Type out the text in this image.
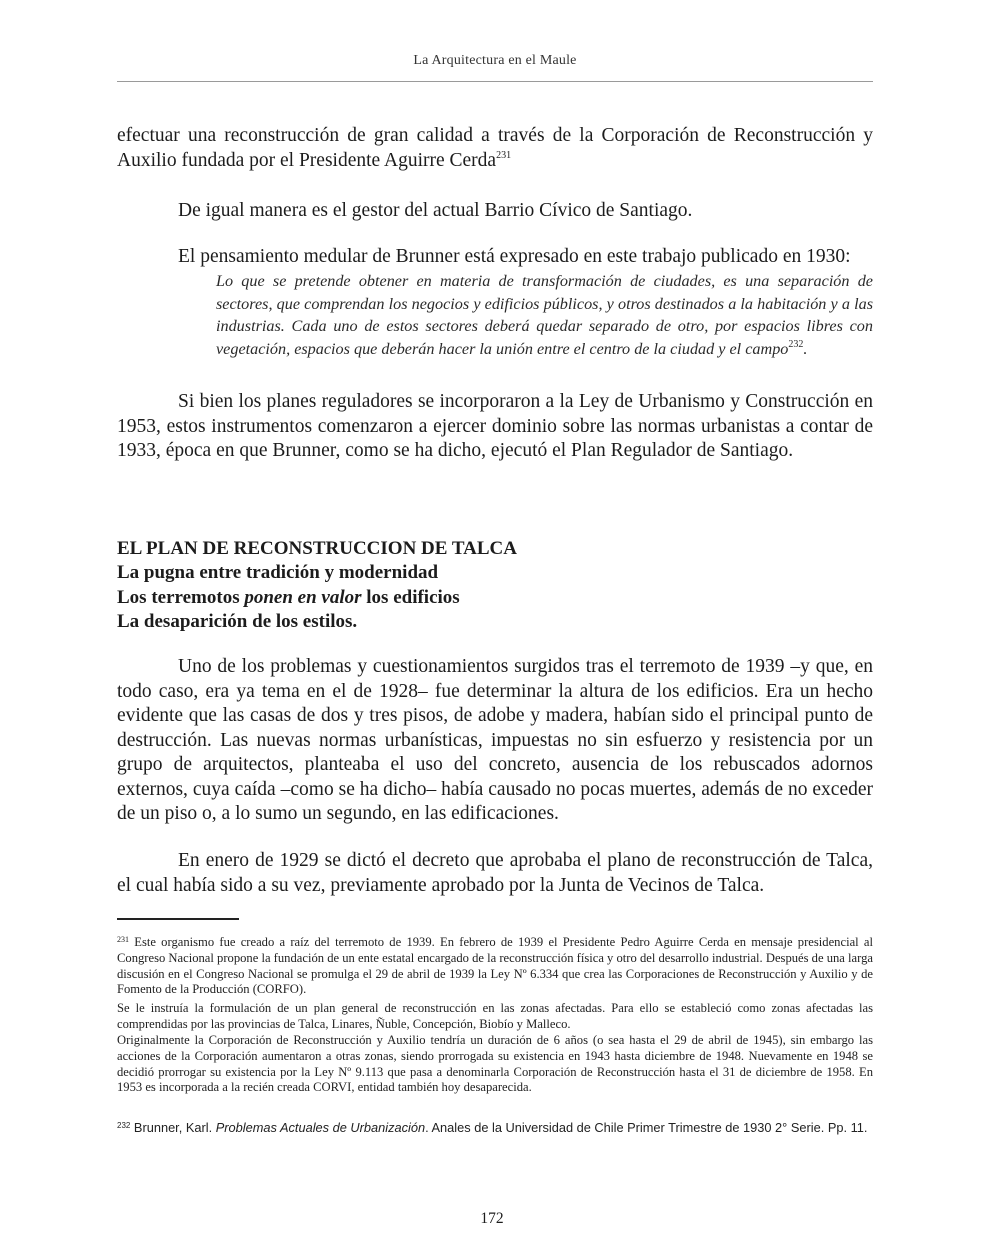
La Arquitectura en el Maule

efectuar una reconstrucción de gran calidad a través de la Corporación de Reconstrucción y Auxilio fundada por el Presidente Aguirre Cerda$^{231}$

De igual manera es el gestor del actual Barrio Cívico de Santiago.

El pensamiento medular de Brunner está expresado en este trabajo publicado en 1930:

Lo que se pretende obtener en materia de transformación de ciudades, es una separación de sectores, que comprendan los negocios y edificios públicos, y otros destinados a la habitación y a las industrias. Cada uno de estos sectores deberá quedar separado de otro, por espacios libres con vegetación, espacios que deberán hacer la unión entre el centro de la ciudad y el campo$^{232}$.

Si bien los planes reguladores se incorporaron a la Ley de Urbanismo y Construcción en 1953, estos instrumentos comenzaron a ejercer dominio sobre las normas urbanistas a contar de 1933, época en que Brunner, como se ha dicho, ejecutó el Plan Regulador de Santiago.

EL PLAN DE RECONSTRUCCION DE TALCA
La pugna entre tradición y modernidad
Los terremotos ponen en valor los edificios
La desaparición de los estilos.

Uno de los problemas y cuestionamientos surgidos tras el terremoto de 1939 –y que, en todo caso, era ya tema en el de 1928– fue determinar la altura de los edificios. Era un hecho evidente que las casas de dos y tres pisos, de adobe y madera, habían sido el principal punto de destrucción. Las nuevas normas urbanísticas, impuestas no sin esfuerzo y resistencia por un grupo de arquitectos, planteaba el uso del concreto, ausencia de los rebuscados adornos externos, cuya caída –como se ha dicho– había causado no pocas muertes, además de no exceder de un piso o, a lo sumo un segundo, en las edificaciones.

En enero de 1929 se dictó el decreto que aprobaba el plano de reconstrucción de Talca, el cual había sido a su vez, previamente aprobado por la Junta de Vecinos de Talca.

$^{231}$ Este organismo fue creado a raíz del terremoto de 1939. En febrero de 1939 el Presidente Pedro Aguirre Cerda en mensaje presidencial al Congreso Nacional propone la fundación de un ente estatal encargado de la reconstrucción física y otro del desarrollo industrial. Después de una larga discusión en el Congreso Nacional se promulga el 29 de abril de 1939 la Ley Nº 6.334 que crea las Corporaciones de Reconstrucción y Auxilio y de Fomento de la Producción (CORFO).

Se le instruía la formulación de un plan general de reconstrucción en las zonas afectadas. Para ello se estableció como zonas afectadas las comprendidas por las provincias de Talca, Linares, Ñuble, Concepción, Biobío y Malleco.

Originalmente la Corporación de Reconstrucción y Auxilio tendría un duración de 6 años (o sea hasta el 29 de abril de 1945), sin embargo las acciones de la Corporación aumentaron a otras zonas, siendo prorrogada su existencia en 1943 hasta diciembre de 1948. Nuevamente en 1948 se decidió prorrogar su existencia por la Ley Nº 9.113 que pasa a denominarla Corporación de Reconstrucción hasta el 31 de diciembre de 1958. En 1953 es incorporada a la recién creada CORVI, entidad también hoy desaparecida.

$^{232}$ Brunner, Karl. Problemas Actuales de Urbanización. Anales de la Universidad de Chile Primer Trimestre de 1930 2° Serie. Pp. 11.

172
